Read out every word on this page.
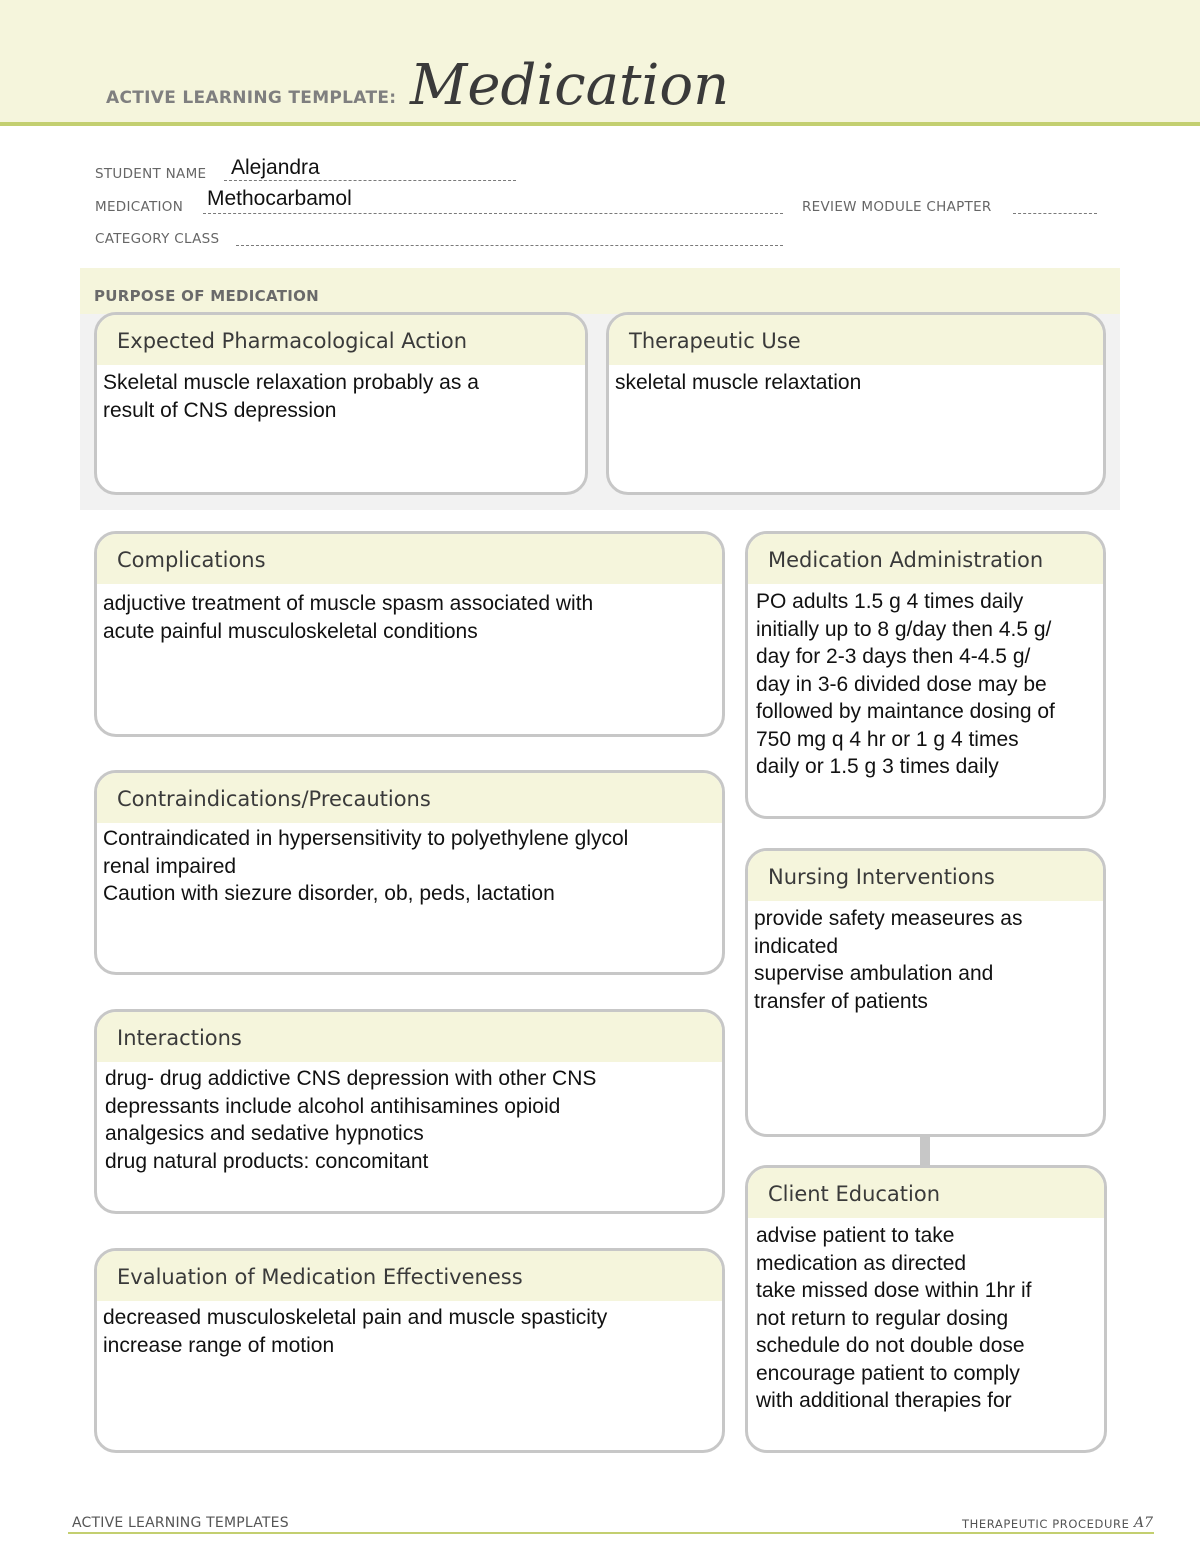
ACTIVE LEARNING TEMPLATE: Medication
STUDENT NAME Alejandra
MEDICATION Methocarbamol	REVIEW MODULE CHAPTER
CATEGORY CLASS
PURPOSE OF MEDICATION
Expected Pharmacological Action
Skeletal muscle relaxation probably as a
result of CNS depression
Therapeutic Use
skeletal muscle relaxtation
Complications
adjuctive treatment of muscle spasm associated with
acute painful musculoskeletal conditions
Contraindications/Precautions
Contraindicated in hypersensitivity to polyethylene glycol
renal impaired
Caution with siezure disorder, ob, peds, lactation
Interactions
drug- drug addictive CNS depression with other CNS
depressants include alcohol antihisamines opioid
analgesics and sedative hypnotics
drug natural products: concomitant
Evaluation of Medication Effectiveness
decreased musculoskeletal pain and muscle spasticity
increase range of motion
Medication Administration
PO adults 1.5 g 4 times daily
initially up to 8 g/day then 4.5 g/
day for 2-3 days then 4-4.5 g/
day in 3-6 divided dose may be
followed by maintance dosing of
750 mg q 4 hr or 1 g 4 times
daily or 1.5 g 3 times daily
Nursing Interventions
provide safety measeures as
indicated
supervise ambulation and
transfer of patients
Client Education
advise patient to take
medication as directed
take missed dose within 1hr if
not return to regular dosing
schedule do not double dose
encourage patient to comply
with additional therapies for
ACTIVE LEARNING TEMPLATES	THERAPEUTIC PROCEDURE A7
